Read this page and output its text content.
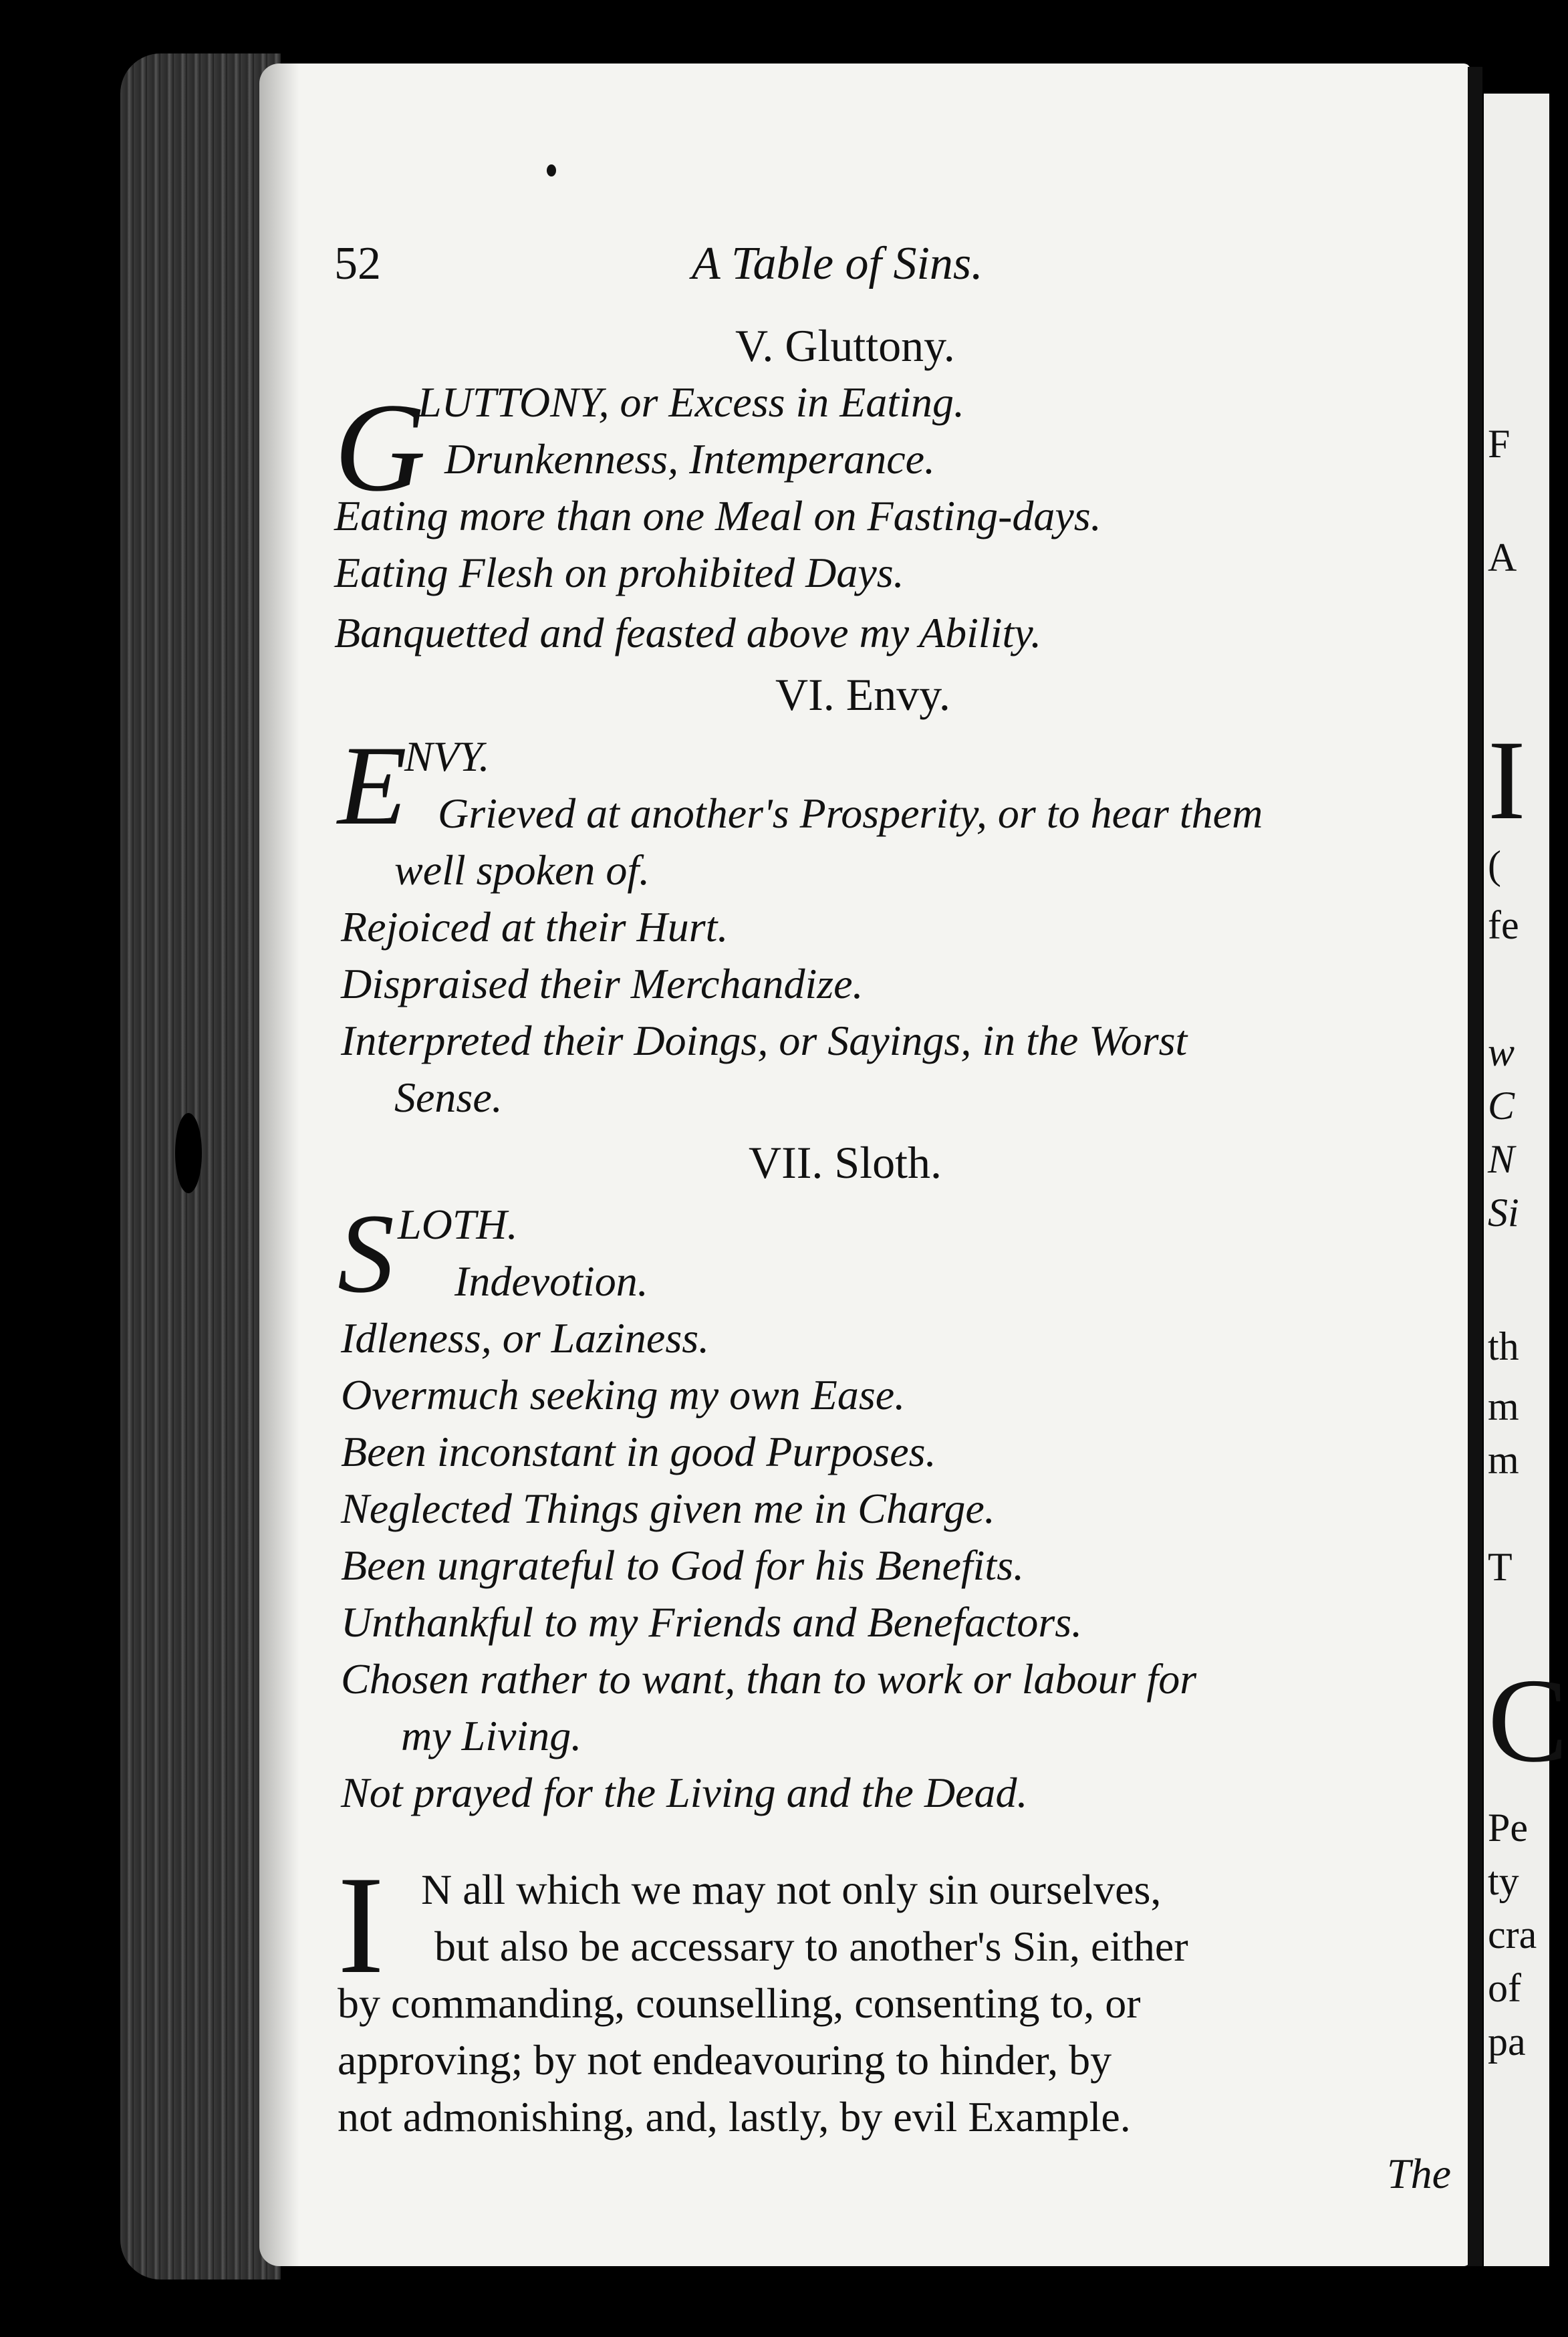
F
A
I
(
fe
w
C
N
Si
th
m
m
T
C
Pe
ty
cra
of
pa
52	A Table of Sins.
V. Gluttony.
G
LUTTONY, or Excess in Eating.
Drunkenness, Intemperance.
Eating more than one Meal on Fasting-days.
Eating Flesh on prohibited Days.
Banquetted and feasted above my Ability.
VI. Envy.
E
NVY.
Grieved at another's Prosperity, or to hear them
well spoken of.
Rejoiced at their Hurt.
Dispraised their Merchandize.
Interpreted their Doings, or Sayings, in the Worst
Sense.
VII. Sloth.
S LOTH.
Indevotion.
Idleness, or Laziness.
Overmuch seeking my own Ease.
Been inconstant in good Purposes.
Neglected Things given me in Charge.
Been ungrateful to God for his Benefits.
Unthankful to my Friends and Benefactors.
Chosen rather to want, than to work or labour for
my Living.
Not prayed for the Living and the Dead.
I N all which we may not only sin ourselves,
but also be accessary to another's Sin, either
by commanding, counselling, consenting to, or
approving; by not endeavouring to hinder, by
not admonishing, and, lastly, by evil Example.
The
